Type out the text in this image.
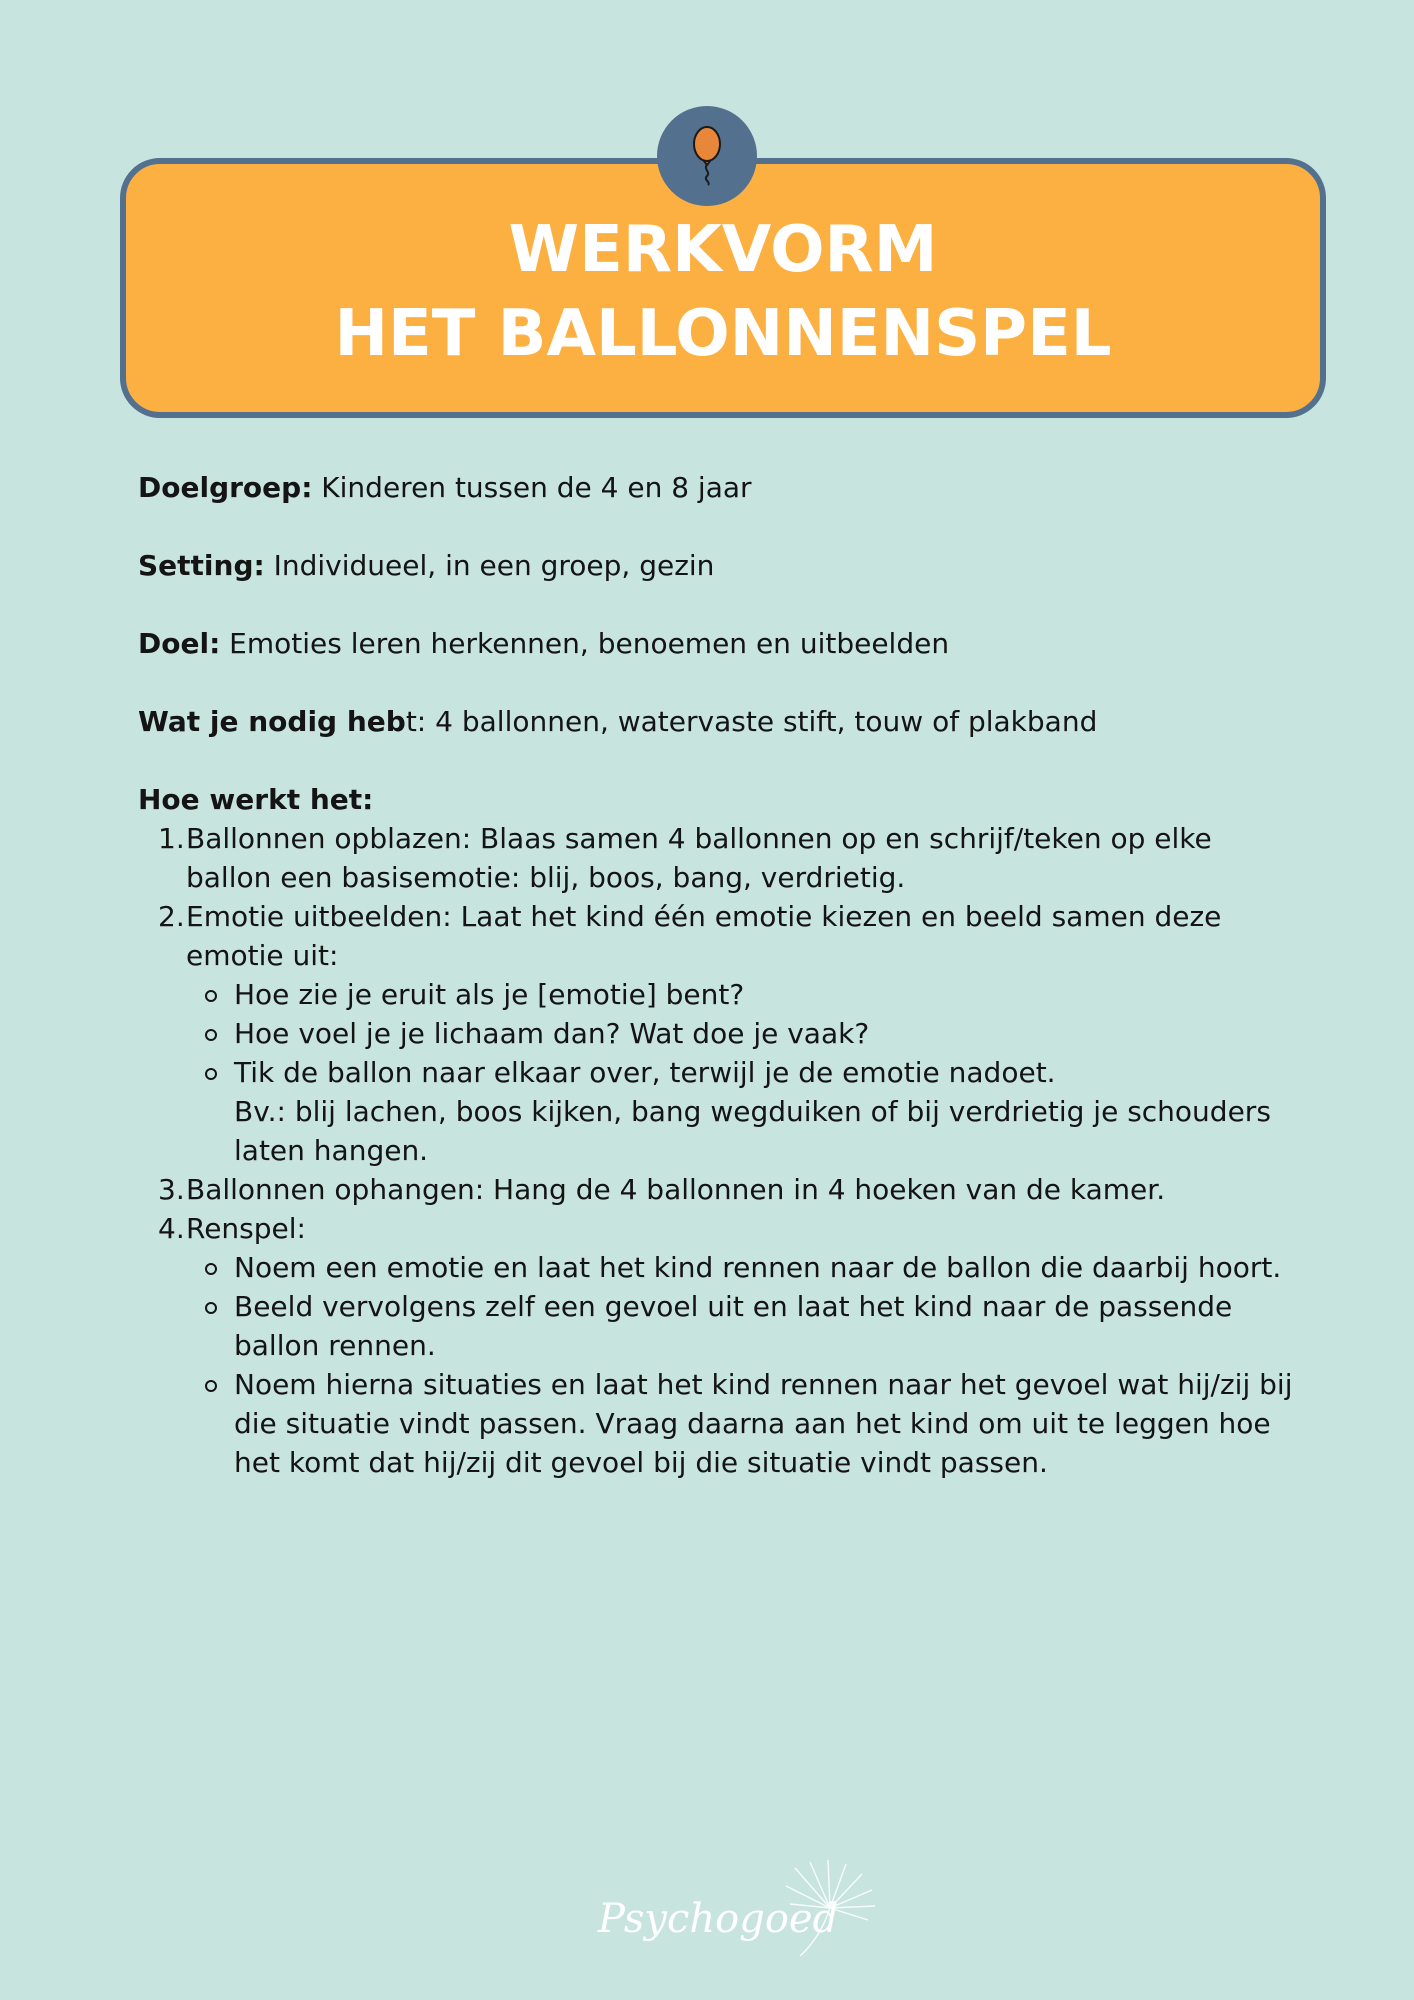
WERKVORM
HET BALLONNENSPEL

Doelgroep: Kinderen tussen de 4 en 8 jaar

Setting: Individueel, in een groep, gezin

Doel: Emoties leren herkennen, benoemen en uitbeelden

Wat je nodig hebt: 4 ballonnen, watervaste stift, touw of plakband

Hoe werkt het:

1. Ballonnen opblazen: Blaas samen 4 ballonnen op en schrijf/teken op elke ballon een basisemotie: blij, boos, bang, verdrietig.
2. Emotie uitbeelden: Laat het kind één emotie kiezen en beeld samen deze emotie uit:
Hoe zie je eruit als je [emotie] bent?
Hoe voel je je lichaam dan? Wat doe je vaak?
Tik de ballon naar elkaar over, terwijl je de emotie nadoet.
Bv.: blij lachen, boos kijken, bang wegduiken of bij verdrietig je schouders laten hangen.
3. Ballonnen ophangen: Hang de 4 ballonnen in 4 hoeken van de kamer.
4. Renspel:
Noem een emotie en laat het kind rennen naar de ballon die daarbij hoort.
Beeld vervolgens zelf een gevoel uit en laat het kind naar de passende ballon rennen.
Noem hierna situaties en laat het kind rennen naar het gevoel wat hij/zij bij die situatie vindt passen. Vraag daarna aan het kind om uit te leggen hoe het komt dat hij/zij dit gevoel bij die situatie vindt passen.
Psychogoed
